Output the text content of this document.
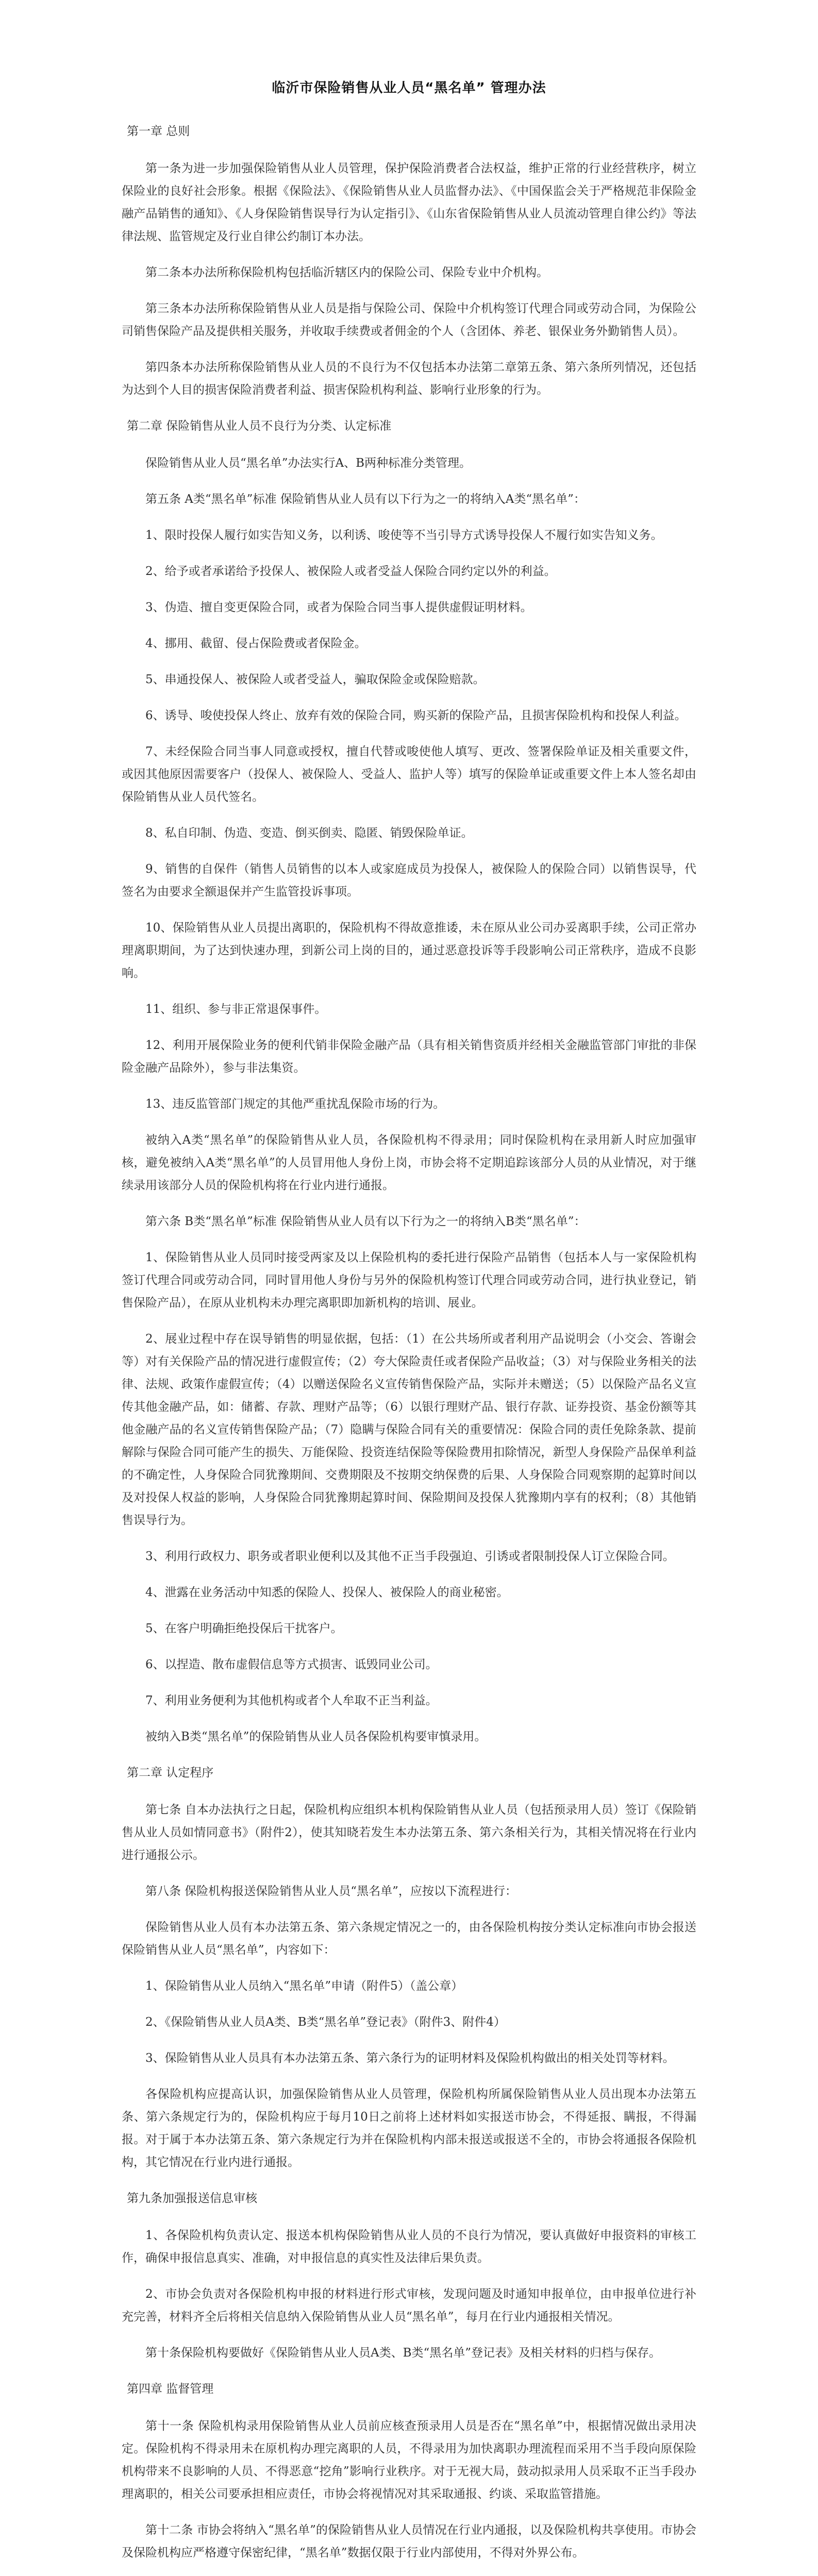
临沂市保险销售从业人员“黑名单” 管理办法
第一章 总则
第一条为进一步加强保险销售从业人员管理，保护保险消费者合法权益，维护正常的行业经营秩序，树立保险业的良好社会形象。根据《保险法》、《保险销售从业人员监督办法》、《中国保监会关于严格规范非保险金融产品销售的通知》、《人身保险销售误导行为认定指引》、《山东省保险销售从业人员流动管理自律公约》等法律法规、监管规定及行业自律公约制订本办法。
第二条本办法所称保险机构包括临沂辖区内的保险公司、保险专业中介机构。
第三条本办法所称保险销售从业人员是指与保险公司、保险中介机构签订代理合同或劳动合同，为保险公司销售保险产品及提供相关服务，并收取手续费或者佣金的个人（含团体、养老、银保业务外勤销售人员）。
第四条本办法所称保险销售从业人员的不良行为不仅包括本办法第二章第五条、第六条所列情况，还包括为达到个人目的损害保险消费者利益、损害保险机构利益、影响行业形象的行为。
第二章 保险销售从业人员不良行为分类、认定标准
保险销售从业人员“黑名单”办法实行A、B两种标准分类管理。
第五条 A类“黑名单”标准 保险销售从业人员有以下行为之一的将纳入A类“黑名单”：
1、限时投保人履行如实告知义务，以利诱、唆使等不当引导方式诱导投保人不履行如实告知义务。
2、给予或者承诺给予投保人、被保险人或者受益人保险合同约定以外的利益。
3、伪造、擅自变更保险合同，或者为保险合同当事人提供虚假证明材料。
4、挪用、截留、侵占保险费或者保险金。
5、串通投保人、被保险人或者受益人，骗取保险金或保险赔款。
6、诱导、唆使投保人终止、放弃有效的保险合同，购买新的保险产品，且损害保险机构和投保人利益。
7、未经保险合同当事人同意或授权，擅自代替或唆使他人填写、更改、签署保险单证及相关重要文件，或因其他原因需要客户（投保人、被保险人、受益人、监护人等）填写的保险单证或重要文件上本人签名却由保险销售从业人员代签名。
8、私自印制、伪造、变造、倒买倒卖、隐匿、销毁保险单证。
9、销售的自保件（销售人员销售的以本人或家庭成员为投保人，被保险人的保险合同）以销售误导，代签名为由要求全额退保并产生监管投诉事项。
10、保险销售从业人员提出离职的，保险机构不得故意推诿，未在原从业公司办妥离职手续，公司正常办理离职期间，为了达到快速办理，到新公司上岗的目的，通过恶意投诉等手段影响公司正常秩序，造成不良影响。
11、组织、参与非正常退保事件。
12、利用开展保险业务的便利代销非保险金融产品（具有相关销售资质并经相关金融监管部门审批的非保险金融产品除外），参与非法集资。
13、违反监管部门规定的其他严重扰乱保险市场的行为。
被纳入A类“黑名单”的保险销售从业人员，各保险机构不得录用；同时保险机构在录用新人时应加强审核，避免被纳入A类“黑名单”的人员冒用他人身份上岗，市协会将不定期追踪该部分人员的从业情况，对于继续录用该部分人员的保险机构将在行业内进行通报。
第六条 B类“黑名单”标准 保险销售从业人员有以下行为之一的将纳入B类“黑名单”：
1、保险销售从业人员同时接受两家及以上保险机构的委托进行保险产品销售（包括本人与一家保险机构签订代理合同或劳动合同，同时冒用他人身份与另外的保险机构签订代理合同或劳动合同，进行执业登记，销售保险产品），在原从业机构未办理完离职即加新机构的培训、展业。
2、展业过程中存在误导销售的明显依据，包括：（1）在公共场所或者利用产品说明会（小交会、答谢会等）对有关保险产品的情况进行虚假宣传；（2）夸大保险责任或者保险产品收益；（3）对与保险业务相关的法律、法规、政策作虚假宣传；（4）以赠送保险名义宣传销售保险产品，实际并未赠送；（5）以保险产品名义宣传其他金融产品，如：储蓄、存款、理财产品等；（6）以银行理财产品、银行存款、证券投资、基金份额等其他金融产品的名义宣传销售保险产品；（7）隐瞒与保险合同有关的重要情况：保险合同的责任免除条款、提前解除与保险合同可能产生的损失、万能保险、投资连结保险等保险费用扣除情况，新型人身保险产品保单利益的不确定性，人身保险合同犹豫期间、交费期限及不按期交纳保费的后果、人身保险合同观察期的起算时间以及对投保人权益的影响，人身保险合同犹豫期起算时间、保险期间及投保人犹豫期内享有的权利；（8）其他销售误导行为。
3、利用行政权力、职务或者职业便利以及其他不正当手段强迫、引诱或者限制投保人订立保险合同。
4、泄露在业务活动中知悉的保险人、投保人、被保险人的商业秘密。
5、在客户明确拒绝投保后干扰客户。
6、以捏造、散布虚假信息等方式损害、诋毁同业公司。
7、利用业务便利为其他机构或者个人牟取不正当利益。
被纳入B类“黑名单”的保险销售从业人员各保险机构要审慎录用。
第二章 认定程序
第七条 自本办法执行之日起，保险机构应组织本机构保险销售从业人员（包括预录用人员）签订《保险销售从业人员如情同意书》（附件2），使其知晓若发生本办法第五条、第六条相关行为，其相关情况将在行业内进行通报公示。
第八条 保险机构报送保险销售从业人员“黑名单”，应按以下流程进行：
保险销售从业人员有本办法第五条、第六条规定情况之一的，由各保险机构按分类认定标准向市协会报送保险销售从业人员“黑名单”，内容如下：
1、保险销售从业人员纳入“黑名单”申请（附件5）（盖公章）
2、《保险销售从业人员A类、B类“黑名单”登记表》（附件3、附件4）
3、保险销售从业人员具有本办法第五条、第六条行为的证明材料及保险机构做出的相关处罚等材料。
各保险机构应提高认识，加强保险销售从业人员管理，保险机构所属保险销售从业人员出现本办法第五条、第六条规定行为的，保险机构应于每月10日之前将上述材料如实报送市协会，不得延报、瞒报，不得漏报。对于属于本办法第五条、第六条规定行为并在保险机构内部未报送或报送不全的，市协会将通报各保险机构，其它情况在行业内进行通报。
第九条加强报送信息审核
1、各保险机构负责认定、报送本机构保险销售从业人员的不良行为情况，要认真做好申报资料的审核工作，确保申报信息真实、准确，对申报信息的真实性及法律后果负责。
2、市协会负责对各保险机构申报的材料进行形式审核，发现问题及时通知申报单位，由申报单位进行补充完善，材料齐全后将相关信息纳入保险销售从业人员“黑名单”，每月在行业内通报相关情况。
第十条保险机构要做好《保险销售从业人员A类、B类“黑名单”登记表》及相关材料的归档与保存。
第四章 监督管理
第十一条 保险机构录用保险销售从业人员前应核查预录用人员是否在“黑名单”中，根据情况做出录用决定。保险机构不得录用未在原机构办理完离职的人员，不得录用为加快离职办理流程而采用不当手段向原保险机构带来不良影响的人员、不得恶意“挖角”影响行业秩序。对于无视大局，鼓动拟录用人员采取不正当手段办理离职的，相关公司要承担相应责任，市协会将视情况对其采取通报、约谈、采取监管措施。
第十二条 市协会将纳入“黑名单”的保险销售从业人员情况在行业内通报，以及保险机构共享使用。市协会及保险机构应严格遵守保密纪律，“黑名单”数据仅限于行业内部使用，不得对外界公布。
